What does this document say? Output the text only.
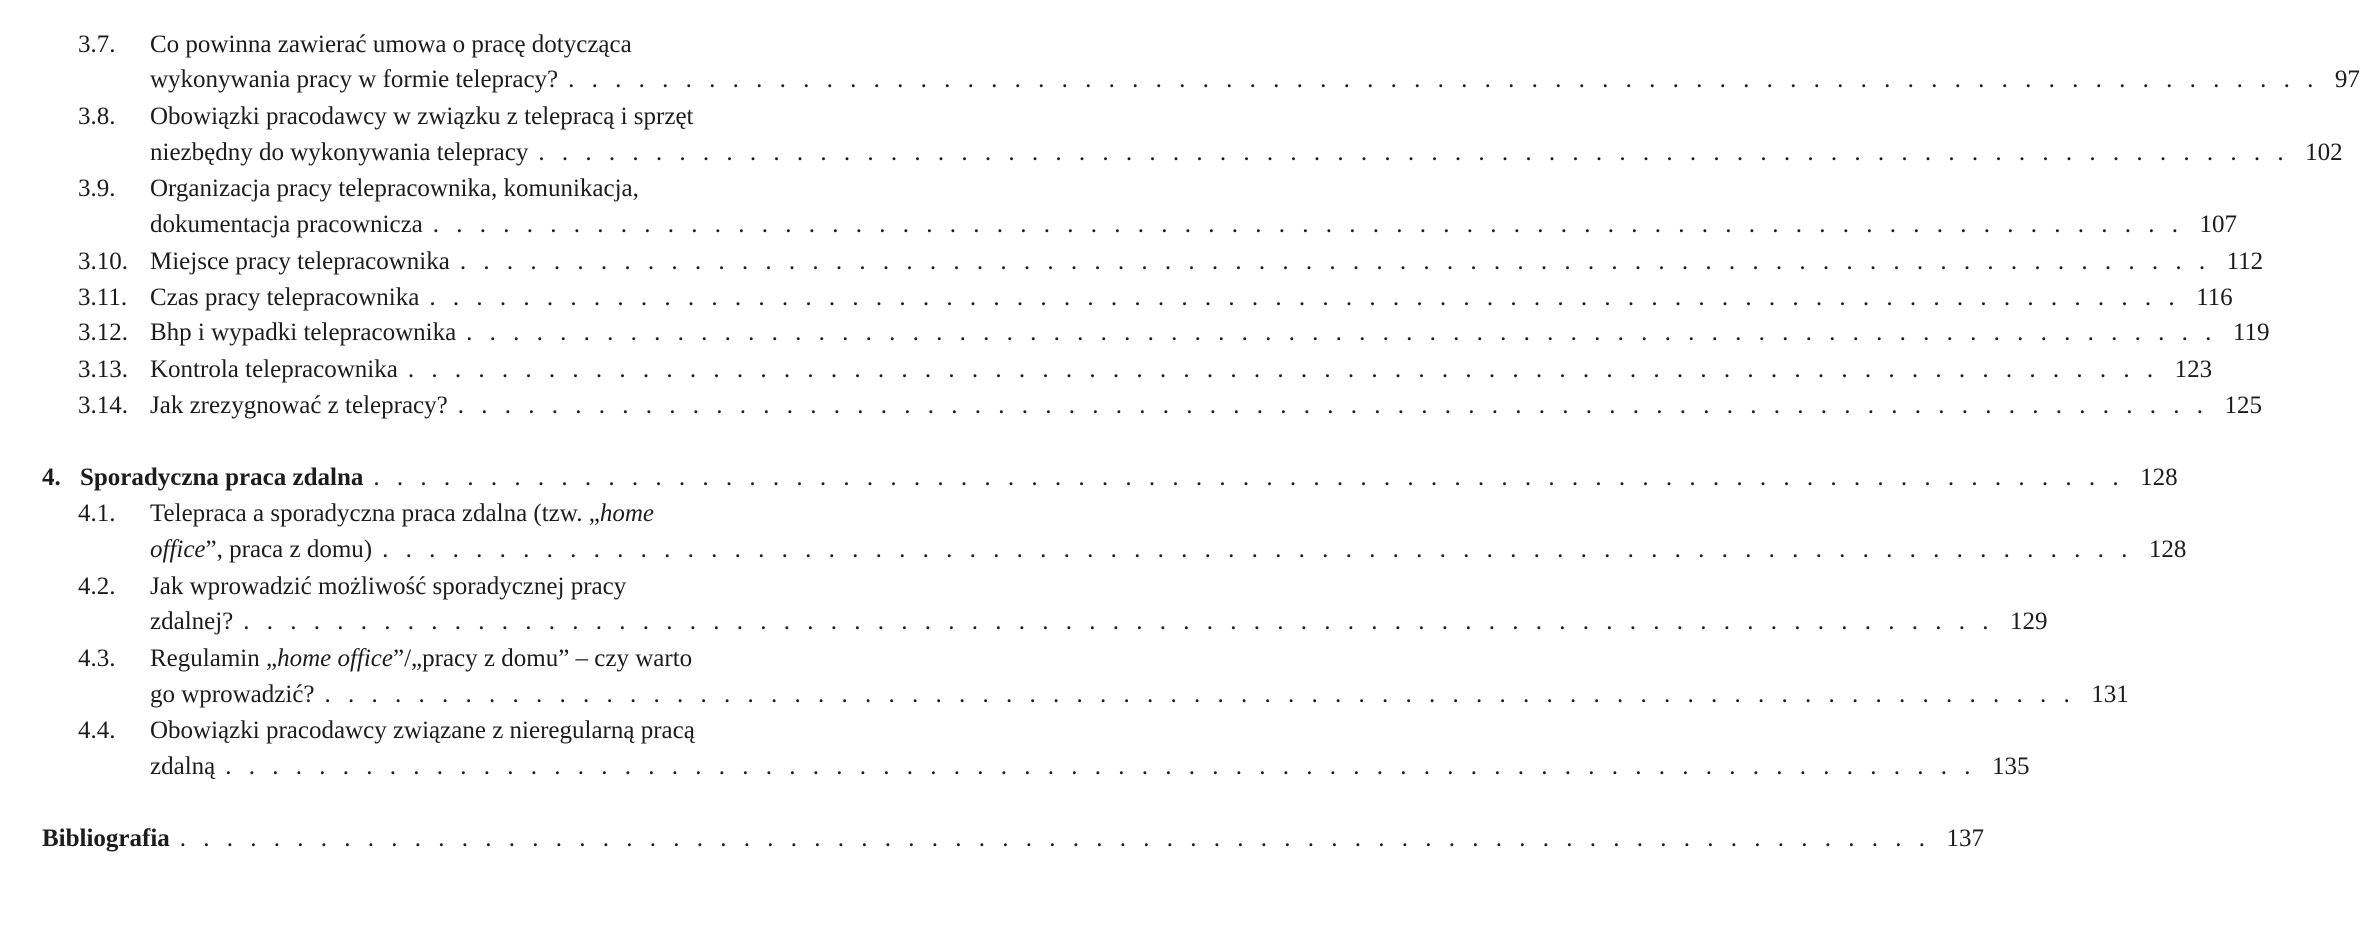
3.7. Co powinna zawierać umowa o pracę dotycząca
wykonywania pracy w formie telepracy? . . . . . . . . . . . . . . . . . . . . . . . . . . . . . . . . . . . . . . . . . . . . . . . . . . . . . . . . . . . . . . . . . . . . . . . . . . . 97
3.8. Obowiązki pracodawcy w związku z telepracą i sprzęt
niezbędny do wykonywania telepracy . . . . . . . . . . . . . . . . . . . . . . . . . . . . . . . . . . . . . . . . . . . . . . . . . . . . . . . . . . . . . . . . . . . . . . . . . . . 102
3.9. Organizacja pracy telepracownika, komunikacja,
dokumentacja pracownicza . . . . . . . . . . . . . . . . . . . . . . . . . . . . . . . . . . . . . . . . . . . . . . . . . . . . . . . . . . . . . . . . . . . . . . . . . . . 107
3.10. Miejsce pracy telepracownika . . . . . . . . . . . . . . . . . . . . . . . . . . . . . . . . . . . . . . . . . . . . . . . . . . . . . . . . . . . . . . . . . . . . . . . . . . . 112
3.11. Czas pracy telepracownika . . . . . . . . . . . . . . . . . . . . . . . . . . . . . . . . . . . . . . . . . . . . . . . . . . . . . . . . . . . . . . . . . . . . . . . . . . . 116
3.12. Bhp i wypadki telepracownika . . . . . . . . . . . . . . . . . . . . . . . . . . . . . . . . . . . . . . . . . . . . . . . . . . . . . . . . . . . . . . . . . . . . . . . . . . . 119
3.13. Kontrola telepracownika . . . . . . . . . . . . . . . . . . . . . . . . . . . . . . . . . . . . . . . . . . . . . . . . . . . . . . . . . . . . . . . . . . . . . . . . . . . 123
3.14. Jak zrezygnować z telepracy? . . . . . . . . . . . . . . . . . . . . . . . . . . . . . . . . . . . . . . . . . . . . . . . . . . . . . . . . . . . . . . . . . . . . . . . . . . . 125
4. Sporadyczna praca zdalna . . . . . . . . . . . . . . . . . . . . . . . . . . . . . . . . . . . . . . . . . . . . . . . . . . . . . . . . . . . . . . . . . . . . . . . . . . . 128
4.1. Telepraca a sporadyczna praca zdalna (tzw. „home
office”, praca z domu) . . . . . . . . . . . . . . . . . . . . . . . . . . . . . . . . . . . . . . . . . . . . . . . . . . . . . . . . . . . . . . . . . . . . . . . . . . . 128
4.2. Jak wprowadzić możliwość sporadycznej pracy
zdalnej? . . . . . . . . . . . . . . . . . . . . . . . . . . . . . . . . . . . . . . . . . . . . . . . . . . . . . . . . . . . . . . . . . . . . . . . . . . . 129
4.3. Regulamin „home office”/„pracy z domu” – czy warto
go wprowadzić? . . . . . . . . . . . . . . . . . . . . . . . . . . . . . . . . . . . . . . . . . . . . . . . . . . . . . . . . . . . . . . . . . . . . . . . . . . . 131
4.4. Obowiązki pracodawcy związane z nieregularną pracą
zdalną . . . . . . . . . . . . . . . . . . . . . . . . . . . . . . . . . . . . . . . . . . . . . . . . . . . . . . . . . . . . . . . . . . . . . . . . . . . 135
Bibliografia . . . . . . . . . . . . . . . . . . . . . . . . . . . . . . . . . . . . . . . . . . . . . . . . . . . . . . . . . . . . . . . . . . . . . . . . . . . 137
